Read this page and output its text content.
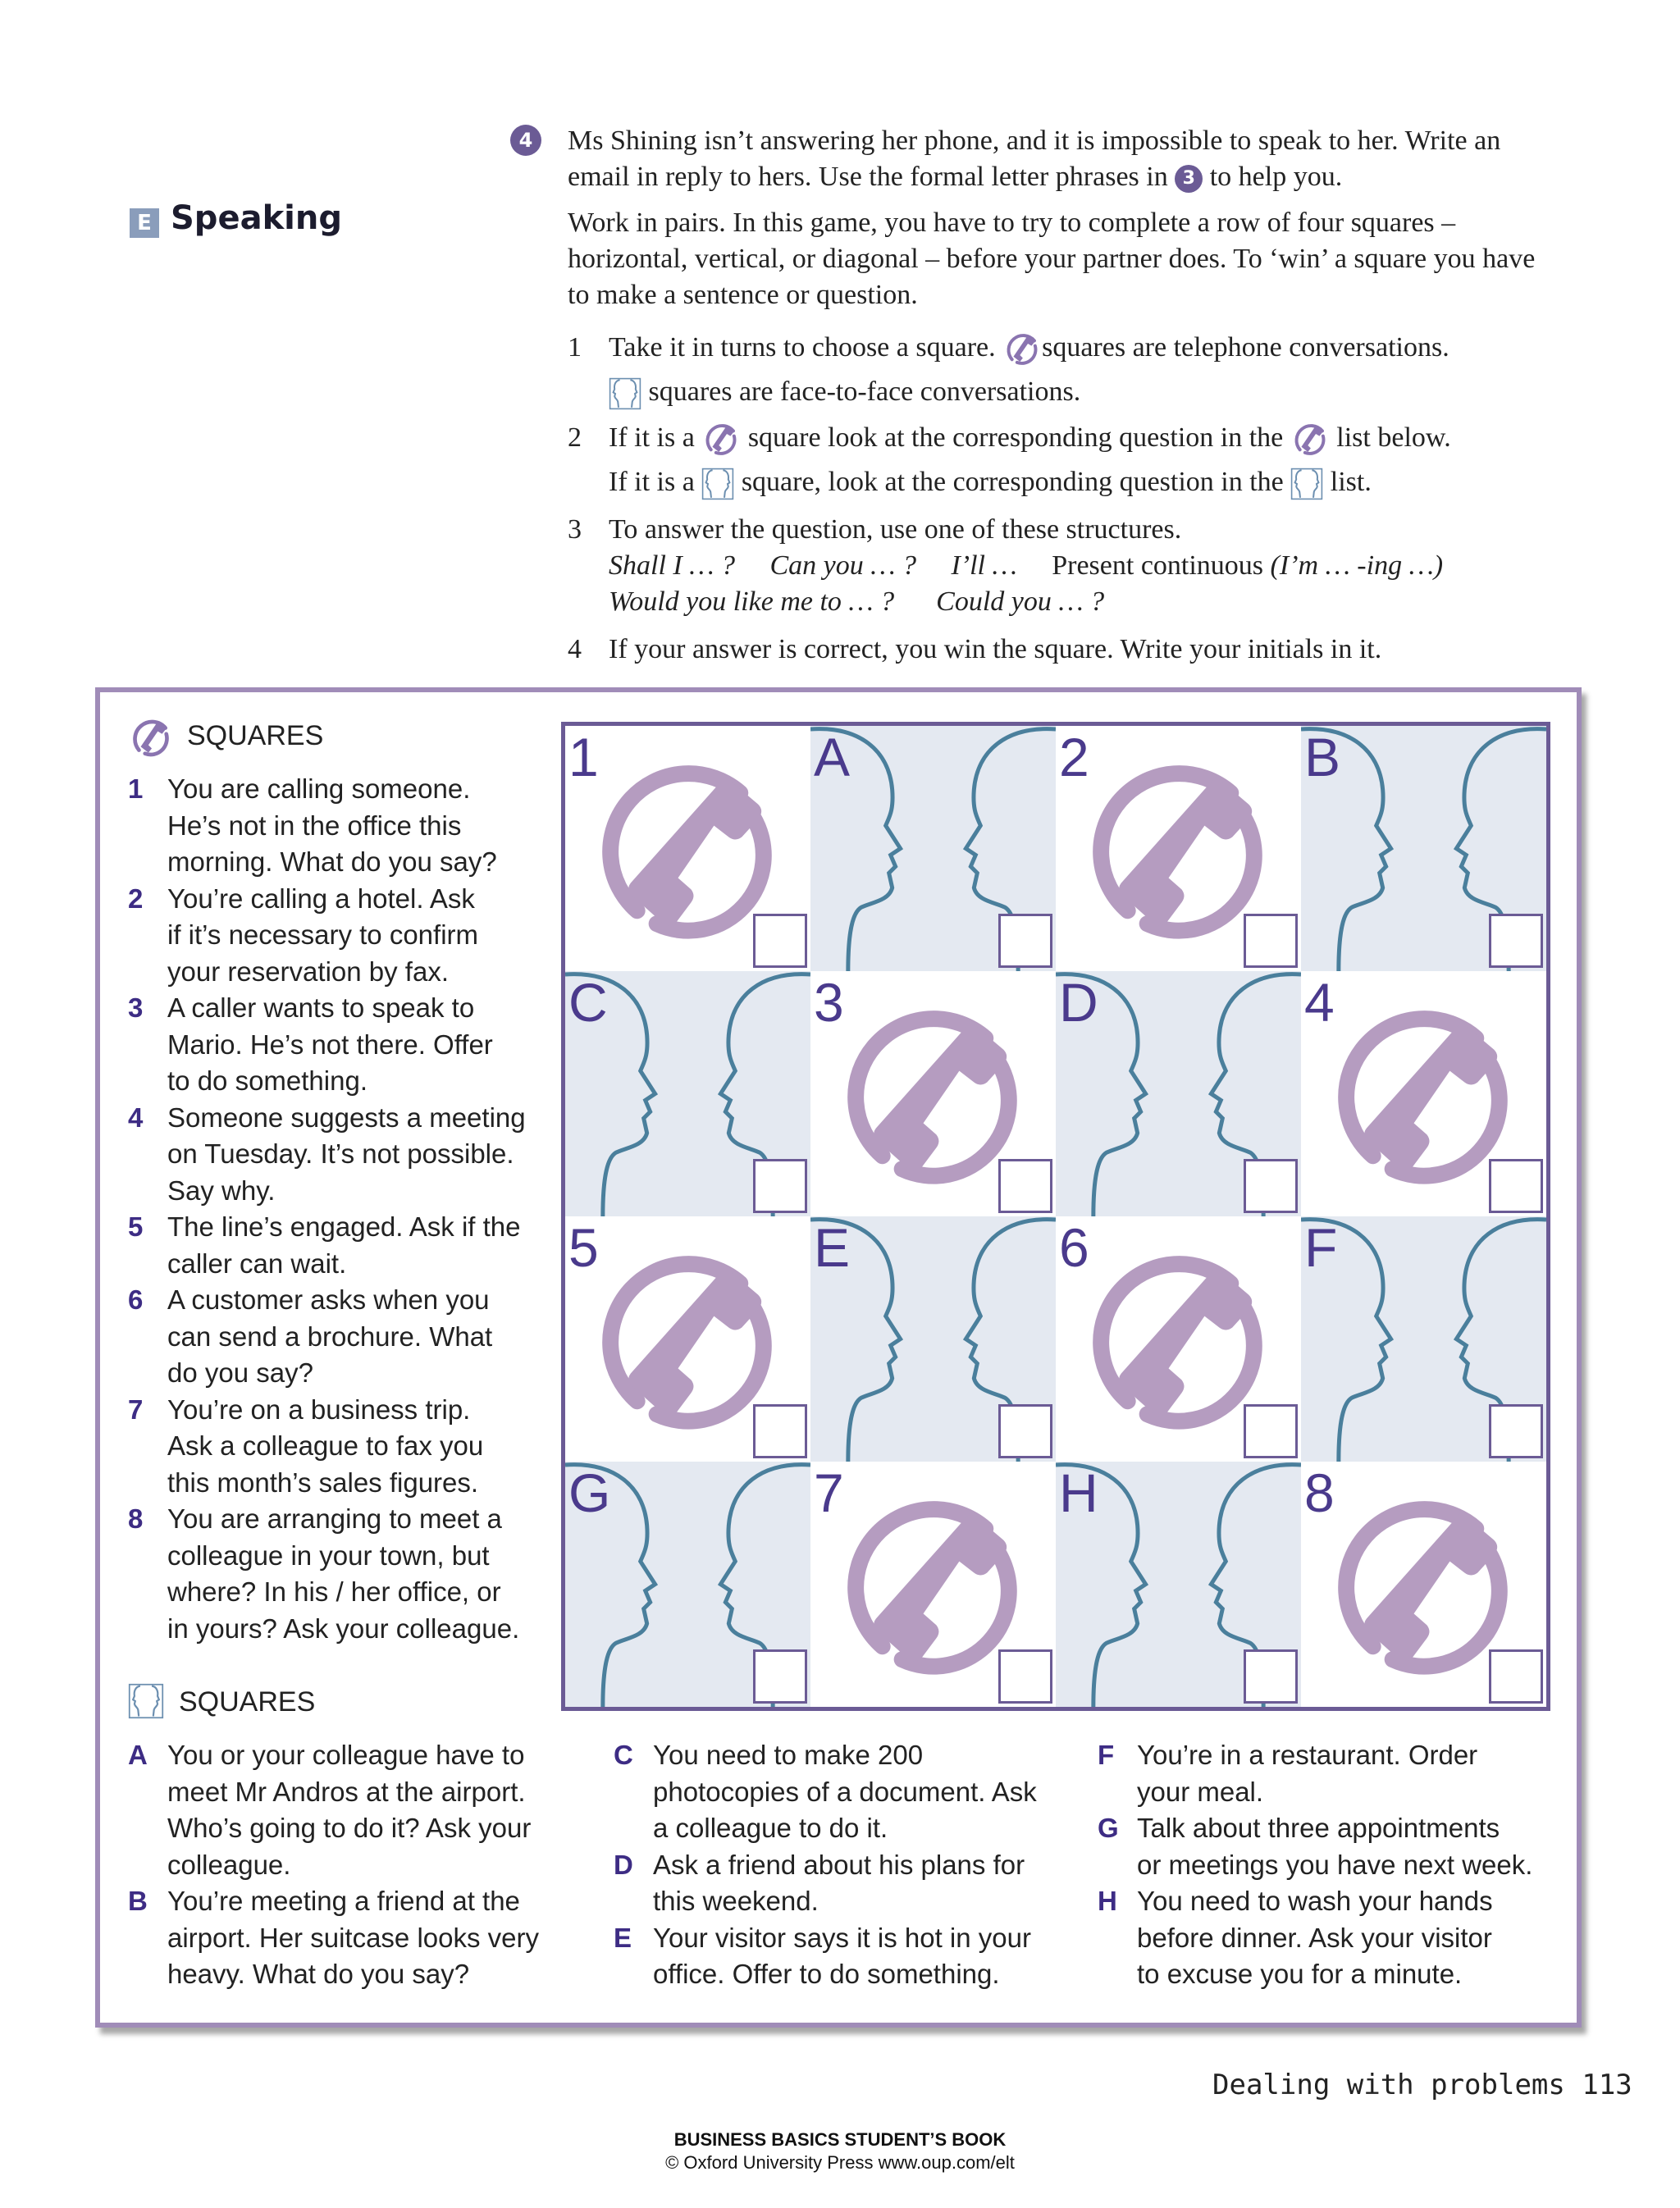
4	Ms Shining isn’t answering her phone, and it is impossible to speak to her. Write an email in reply to hers. Use the formal letter phrases in 3 to help you.
E Speaking	Work in pairs. In this game, you have to try to complete a row of four squares – horizontal, vertical, or diagonal – before your partner does. To ‘win’ a square you have to make a sentence or question.
1 Take it in turns to choose a square. squares are telephone conversations.
squares are face-to-face conversations.
2 If it is a square look at the corresponding question in the list below.
If it is a square, look at the corresponding question in the list.
3 To answer the question, use one of these structures.
Shall I … ? Can you … ? I’ll … Present continuous (I’m … -ing …)
Would you like me to … ? Could you … ?
4 If your answer is correct, you win the square. Write your initials in it.
SQUARES
1 You are calling someone.
He’s not in the office this
morning. What do you say?
2 You’re calling a hotel. Ask
if it’s necessary to confirm
your reservation by fax.
3 A caller wants to speak to
Mario. He’s not there. Offer
to do something.
4 Someone suggests a meeting
on Tuesday. It’s not possible.
Say why.
5 The line’s engaged. Ask if the
caller can wait.
6 A customer asks when you
can send a brochure. What
do you say?
7 You’re on a business trip.
Ask a colleague to fax you
this month’s sales figures.
8 You are arranging to meet a
colleague in your town, but
where? In his / her office, or
in yours? Ask your colleague.
SQUARES
A You or your colleague have to
meet Mr Andros at the airport.
Who’s going to do it? Ask your
colleague.
B You’re meeting a friend at the
airport. Her suitcase looks very
heavy. What do you say?
C You need to make 200
photocopies of a document. Ask
a colleague to do it.
D Ask a friend about his plans for
this weekend.
E Your visitor says it is hot in your
office. Offer to do something.
F You’re in a restaurant. Order
your meal.
G Talk about three appointments
or meetings you have next week.
H You need to wash your hands
before dinner. Ask your visitor
to excuse you for a minute.
1	A	2	B
C	3	D	4
5	E	6	F
G	7	H	8
Dealing with problems 113
BUSINESS BASICS STUDENT’S BOOK
© Oxford University Press www.oup.com/elt
